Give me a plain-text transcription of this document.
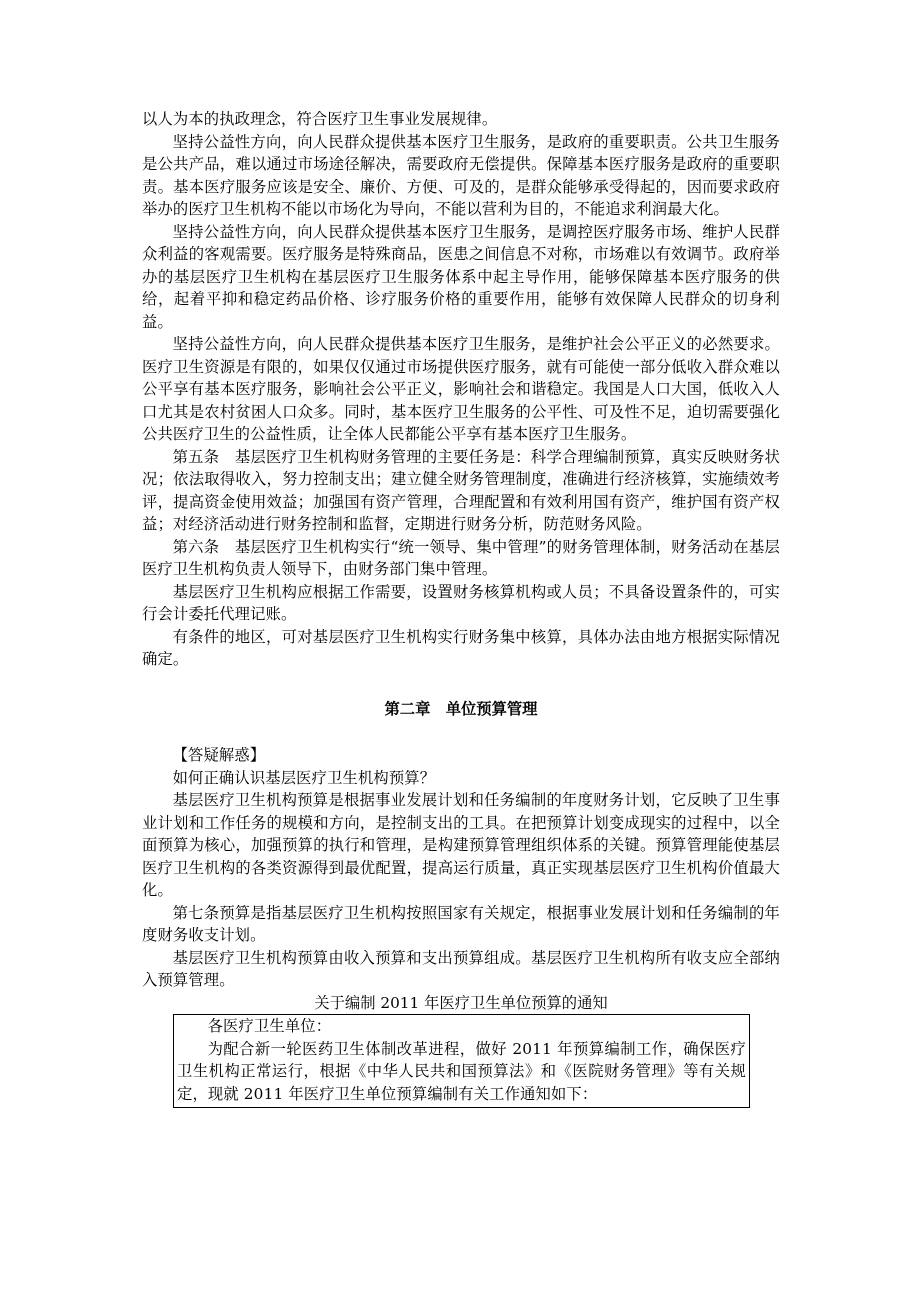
以人为本的执政理念，符合医疗卫生事业发展规律。

坚持公益性方向，向人民群众提供基本医疗卫生服务，是政府的重要职责。公共卫生服务是公共产品，难以通过市场途径解决，需要政府无偿提供。保障基本医疗服务是政府的重要职责。基本医疗服务应该是安全、廉价、方便、可及的，是群众能够承受得起的，因而要求政府举办的医疗卫生机构不能以市场化为导向，不能以营利为目的，不能追求利润最大化。

坚持公益性方向，向人民群众提供基本医疗卫生服务，是调控医疗服务市场、维护人民群众利益的客观需要。医疗服务是特殊商品，医患之间信息不对称，市场难以有效调节。政府举办的基层医疗卫生机构在基层医疗卫生服务体系中起主导作用，能够保障基本医疗服务的供给，起着平抑和稳定药品价格、诊疗服务价格的重要作用，能够有效保障人民群众的切身利益。

坚持公益性方向，向人民群众提供基本医疗卫生服务，是维护社会公平正义的必然要求。医疗卫生资源是有限的，如果仅仅通过市场提供医疗服务，就有可能使一部分低收入群众难以公平享有基本医疗服务，影响社会公平正义，影响社会和谐稳定。我国是人口大国，低收入人口尤其是农村贫困人口众多。同时，基本医疗卫生服务的公平性、可及性不足，迫切需要强化公共医疗卫生的公益性质，让全体人民都能公平享有基本医疗卫生服务。

第五条　基层医疗卫生机构财务管理的主要任务是：科学合理编制预算，真实反映财务状况；依法取得收入，努力控制支出；建立健全财务管理制度，准确进行经济核算，实施绩效考评，提高资金使用效益；加强国有资产管理，合理配置和有效利用国有资产，维护国有资产权益；对经济活动进行财务控制和监督，定期进行财务分析，防范财务风险。

第六条　基层医疗卫生机构实行“统一领导、集中管理”的财务管理体制，财务活动在基层医疗卫生机构负责人领导下，由财务部门集中管理。

基层医疗卫生机构应根据工作需要，设置财务核算机构或人员；不具备设置条件的，可实行会计委托代理记账。

有条件的地区，可对基层医疗卫生机构实行财务集中核算，具体办法由地方根据实际情况确定。

第二章　单位预算管理

【答疑解惑】

如何正确认识基层医疗卫生机构预算？

基层医疗卫生机构预算是根据事业发展计划和任务编制的年度财务计划，它反映了卫生事业计划和工作任务的规模和方向，是控制支出的工具。在把预算计划变成现实的过程中，以全面预算为核心，加强预算的执行和管理，是构建预算管理组织体系的关键。预算管理能使基层医疗卫生机构的各类资源得到最优配置，提高运行质量，真正实现基层医疗卫生机构价值最大化。

第七条预算是指基层医疗卫生机构按照国家有关规定，根据事业发展计划和任务编制的年度财务收支计划。

基层医疗卫生机构预算由收入预算和支出预算组成。基层医疗卫生机构所有收支应全部纳入预算管理。

关于编制 2011 年医疗卫生单位预算的通知

各医疗卫生单位：

为配合新一轮医药卫生体制改革进程，做好 2011 年预算编制工作，确保医疗卫生机构正常运行，根据《中华人民共和国预算法》和《医院财务管理》等有关规定，现就 2011 年医疗卫生单位预算编制有关工作通知如下：
